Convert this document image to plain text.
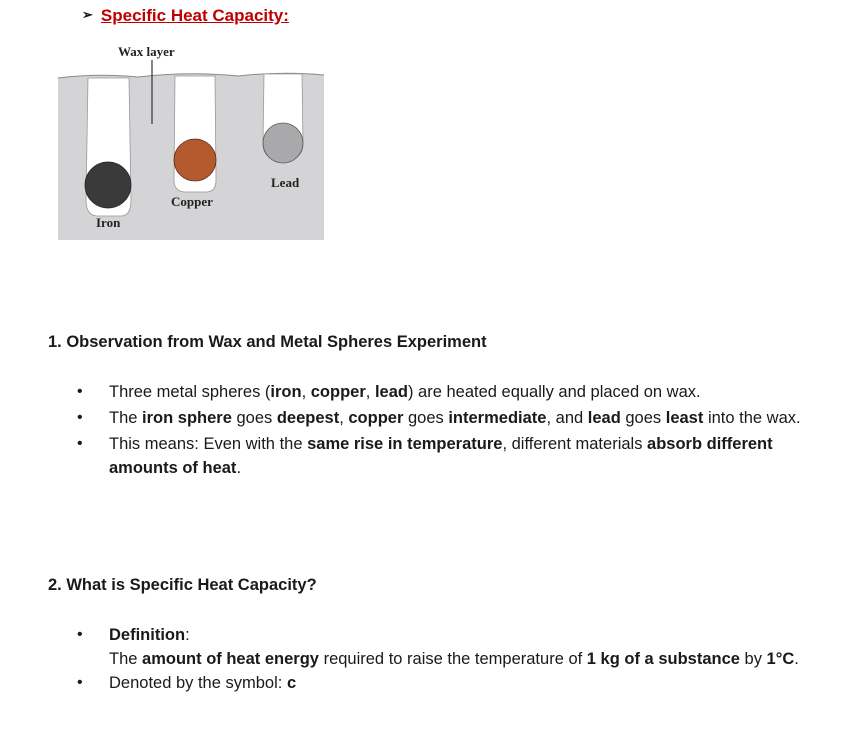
➢ Specific Heat Capacity:
Wax layer
Iron
Copper
Lead
1. Observation from Wax and Metal Spheres Experiment
• Three metal spheres (iron, copper, lead) are heated equally and placed on wax.
• The iron sphere goes deepest, copper goes intermediate, and lead goes least into the wax.
• This means: Even with the same rise in temperature, different materials absorb different amounts of heat.
2. What is Specific Heat Capacity?
• Definition:
The amount of heat energy required to raise the temperature of 1 kg of a substance by 1°C.
• Denoted by the symbol: c
